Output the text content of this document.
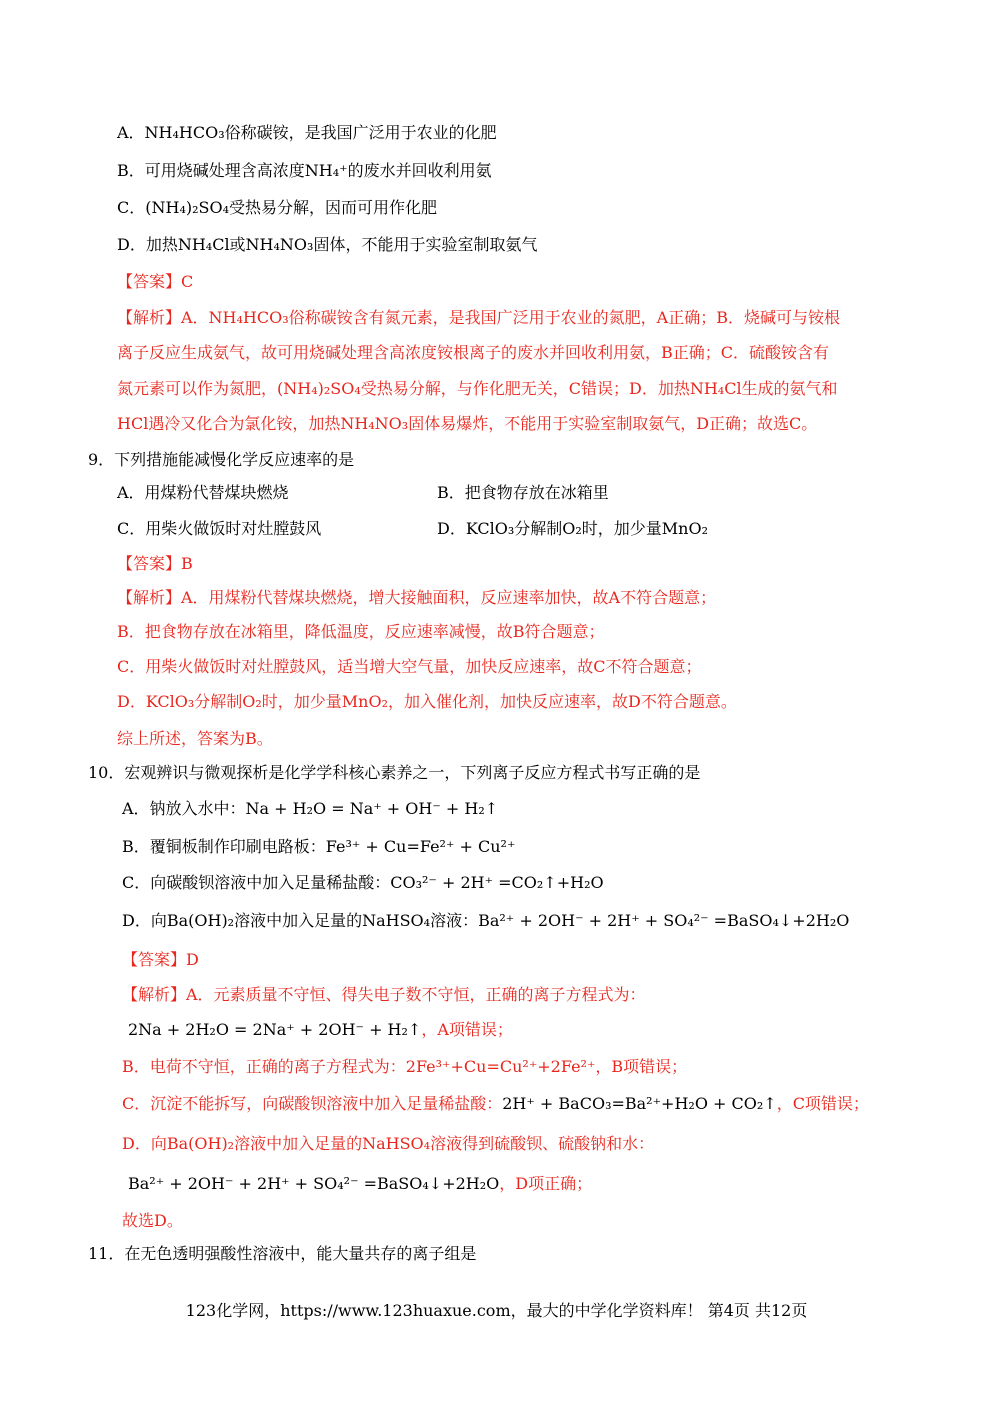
A．NH₄HCO₃俗称碳铵，是我国广泛用于农业的化肥
B．可用烧碱处理含高浓度NH₄⁺的废水并回收利用氨
C．(NH₄)₂SO₄受热易分解，因而可用作化肥
D．加热NH₄Cl或NH₄NO₃固体，不能用于实验室制取氨气
【答案】C
【解析】A．NH₄HCO₃俗称碳铵含有氮元素，是我国广泛用于农业的氮肥，A正确；B．烧碱可与铵根
离子反应生成氨气，故可用烧碱处理含高浓度铵根离子的废水并回收利用氨，B正确；C．硫酸铵含有
氮元素可以作为氮肥，(NH₄)₂SO₄受热易分解，与作化肥无关，C错误；D．加热NH₄Cl生成的氨气和
HCl遇冷又化合为氯化铵，加热NH₄NO₃固体易爆炸，不能用于实验室制取氨气，D正确；故选C。
9．下列措施能减慢化学反应速率的是
A．用煤粉代替煤块燃烧	B．把食物存放在冰箱里
C．用柴火做饭时对灶膛鼓风	D．KClO₃分解制O₂时，加少量MnO₂
【答案】B
【解析】A．用煤粉代替煤块燃烧，增大接触面积，反应速率加快，故A不符合题意；
B．把食物存放在冰箱里，降低温度，反应速率减慢，故B符合题意；
C．用柴火做饭时对灶膛鼓风，适当增大空气量，加快反应速率，故C不符合题意；
D．KClO₃分解制O₂时，加少量MnO₂，加入催化剂，加快反应速率，故D不符合题意。
综上所述，答案为B。
10．宏观辨识与微观探析是化学学科核心素养之一，下列离子反应方程式书写正确的是
A．钠放入水中：Na + H₂O = Na⁺ + OH⁻ + H₂↑
B．覆铜板制作印刷电路板：Fe³⁺ + Cu=Fe²⁺ + Cu²⁺
C．向碳酸钡溶液中加入足量稀盐酸：CO₃²⁻ + 2H⁺ =CO₂↑+H₂O
D．向Ba(OH)₂溶液中加入足量的NaHSO₄溶液：Ba²⁺ + 2OH⁻ + 2H⁺ + SO₄²⁻ =BaSO₄↓+2H₂O
【答案】D
【解析】A．元素质量不守恒、得失电子数不守恒，正确的离子方程式为：
2Na + 2H₂O = 2Na⁺ + 2OH⁻ + H₂↑，A项错误；
B．电荷不守恒，正确的离子方程式为：2Fe³⁺+Cu=Cu²⁺+2Fe²⁺，B项错误；
C．沉淀不能拆写，向碳酸钡溶液中加入足量稀盐酸：2H⁺ + BaCO₃=Ba²⁺+H₂O + CO₂↑，C项错误；
D．向Ba(OH)₂溶液中加入足量的NaHSO₄溶液得到硫酸钡、硫酸钠和水：
Ba²⁺ + 2OH⁻ + 2H⁺ + SO₄²⁻ =BaSO₄↓+2H₂O，D项正确；
故选D。
11．在无色透明强酸性溶液中，能大量共存的离子组是
123化学网，https://www.123huaxue.com，最大的中学化学资料库！ 第4页 共12页
